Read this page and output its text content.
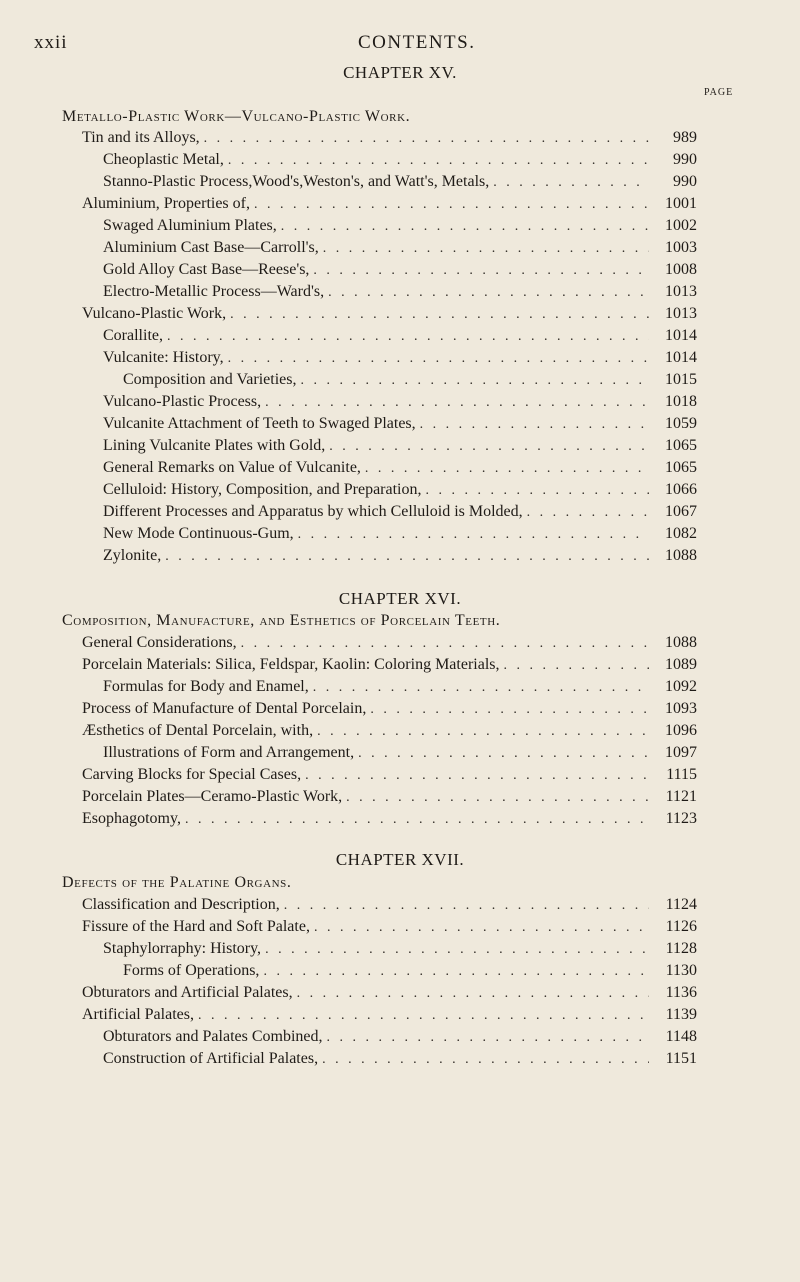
xxii	CONTENTS.
CHAPTER XV.
PAGE
Metallo-Plastic Work—Vulcano-Plastic Work.
Tin and its Alloys, . . .	989
Cheoplastic Metal, . . .	990
Stanno-Plastic Process,Wood's,Weston's, and Watt's, Metals, . . .	990
Aluminium, Properties of, . . .	1001
Swaged Aluminium Plates, . . .	1002
Aluminium Cast Base—Carroll's, . . .	1003
Gold Alloy Cast Base—Reese's, . . .	1008
Electro-Metallic Process—Ward's, . . .	1013
Vulcano-Plastic Work, . . .	1013
Corallite, . . .	1014
Vulcanite: History, . . .	1014
Composition and Varieties, . . .	1015
Vulcano-Plastic Process, . . .	1018
Vulcanite Attachment of Teeth to Swaged Plates, . . .	1059
Lining Vulcanite Plates with Gold, . . .	1065
General Remarks on Value of Vulcanite, . . .	1065
Celluloid: History, Composition, and Preparation, . . .	1066
Different Processes and Apparatus by which Celluloid is Molded, . . .	1067
New Mode Continuous-Gum, . . .	1082
Zylonite, . . .	1088
CHAPTER XVI.
Composition, Manufacture, and Esthetics of Porcelain Teeth.
General Considerations, . . .	1088
Porcelain Materials: Silica, Feldspar, Kaolin: Coloring Materials, . . .	1089
Formulas for Body and Enamel, . . .	1092
Process of Manufacture of Dental Porcelain, . . .	1093
Æsthetics of Dental Porcelain, with, . . .	1096
Illustrations of Form and Arrangement, . . .	1097
Carving Blocks for Special Cases, . . .	1115
Porcelain Plates—Ceramo-Plastic Work, . . .	1121
Esophagotomy, . . .	1123
CHAPTER XVII.
Defects of the Palatine Organs.
Classification and Description, . . .	1124
Fissure of the Hard and Soft Palate, . . .	1126
Staphylorraphy: History, . . .	1128
Forms of Operations, . . .	1130
Obturators and Artificial Palates, . . .	1136
Artificial Palates, . . .	1139
Obturators and Palates Combined, . . .	1148
Construction of Artificial Palates, . . .	1151
